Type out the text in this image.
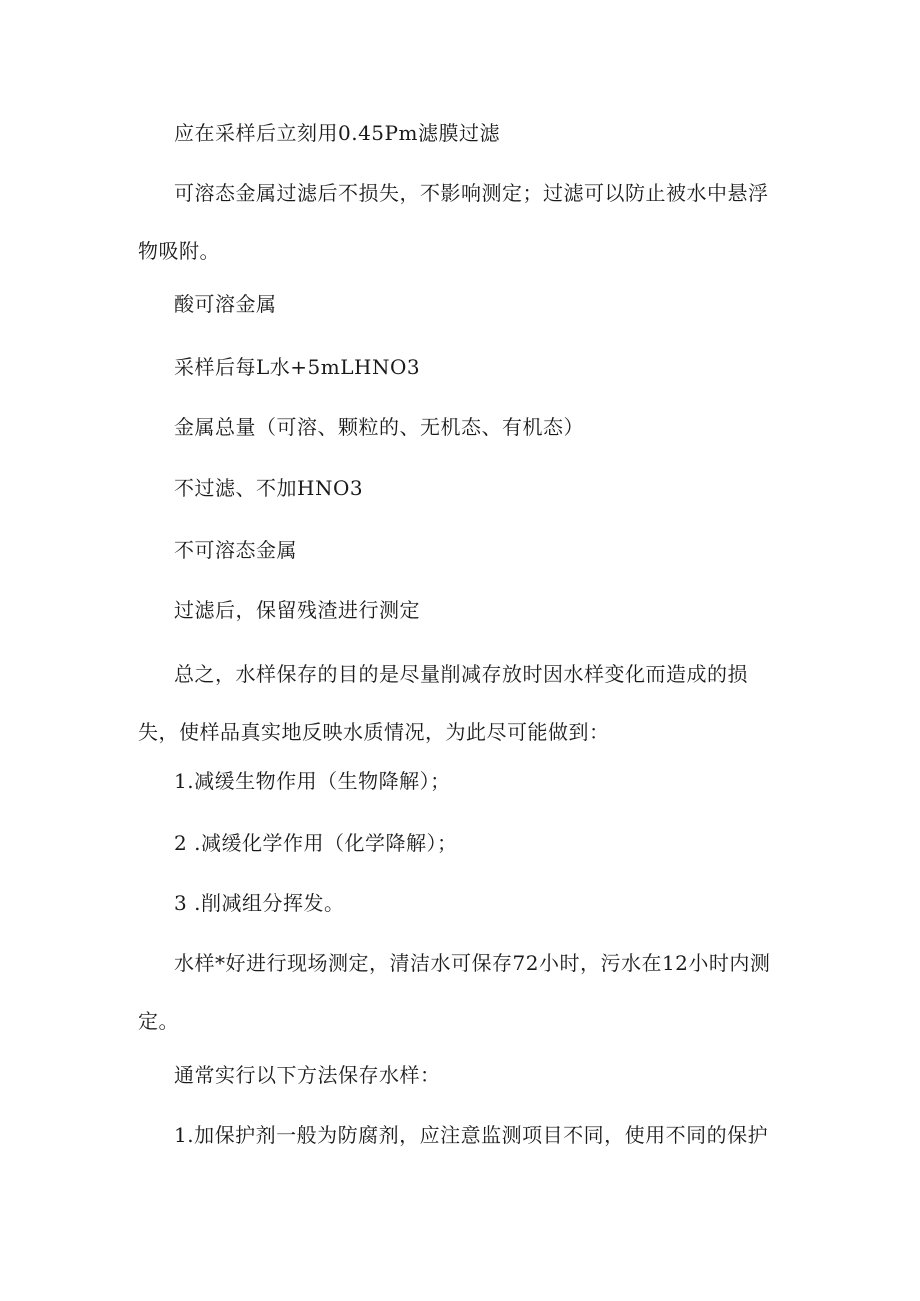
应在采样后立刻用0.45Pm滤膜过滤

可溶态金属过滤后不损失，不影响测定；过滤可以防止被水中悬浮物吸附。

酸可溶金属

采样后每L水+5mLHNO3

金属总量（可溶、颗粒的、无机态、有机态）

不过滤、不加HNO3

不可溶态金属

过滤后，保留残渣进行测定

总之，水样保存的目的是尽量削减存放时因水样变化而造成的损失，使样品真实地反映水质情况，为此尽可能做到：

1.减缓生物作用（生物降解）；

2 .减缓化学作用（化学降解）；

3 .削减组分挥发。

水样*好进行现场测定，清洁水可保存72小时，污水在12小时内测定。

通常实行以下方法保存水样：

1.加保护剂一般为防腐剂，应注意监测项目不同，使用不同的保护
